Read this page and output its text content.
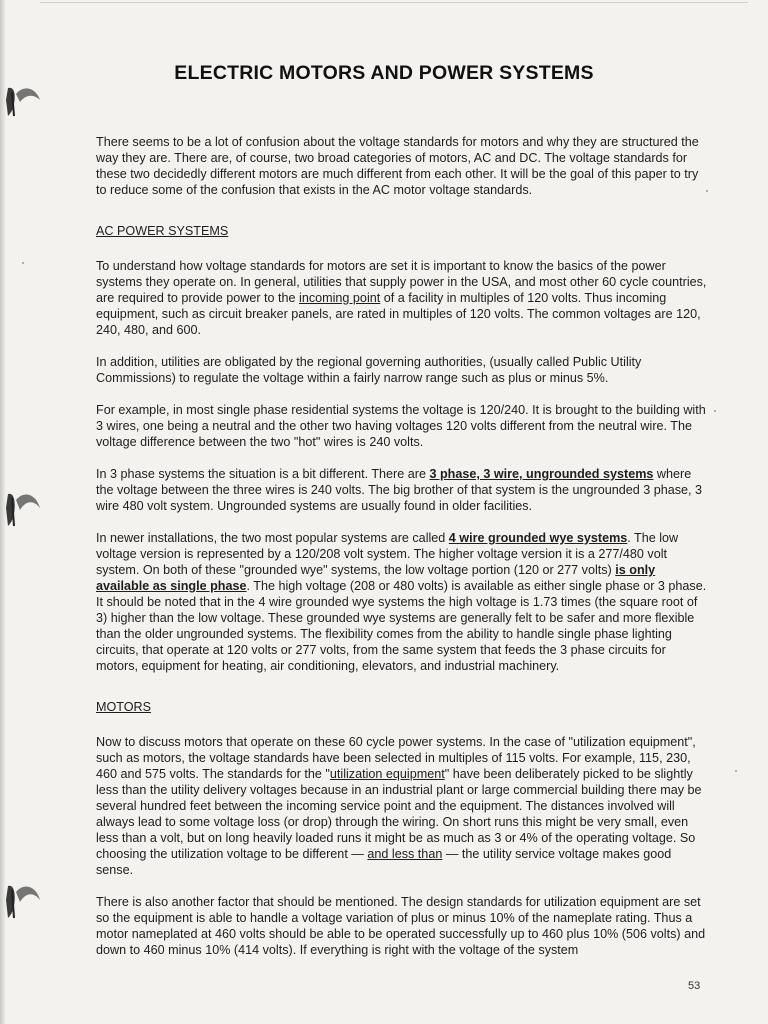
ELECTRIC MOTORS AND POWER SYSTEMS

There seems to be a lot of confusion about the voltage standards for motors and why they are structured the way they are. There are, of course, two broad categories of motors, AC and DC. The voltage standards for these two decidedly different motors are much different from each other. It will be the goal of this paper to try to reduce some of the confusion that exists in the AC motor voltage standards.

AC POWER SYSTEMS

To understand how voltage standards for motors are set it is important to know the basics of the power systems they operate on. In general, utilities that supply power in the USA, and most other 60 cycle countries, are required to provide power to the incoming point of a facility in multiples of 120 volts. Thus incoming equipment, such as circuit breaker panels, are rated in multiples of 120 volts. The common voltages are 120, 240, 480, and 600.

In addition, utilities are obligated by the regional governing authorities, (usually called Public Utility Commissions) to regulate the voltage within a fairly narrow range such as plus or minus 5%.

For example, in most single phase residential systems the voltage is 120/240. It is brought to the building with 3 wires, one being a neutral and the other two having voltages 120 volts different from the neutral wire. The voltage difference between the two "hot" wires is 240 volts.

In 3 phase systems the situation is a bit different. There are 3 phase, 3 wire, ungrounded systems where the voltage between the three wires is 240 volts. The big brother of that system is the ungrounded 3 phase, 3 wire 480 volt system. Ungrounded systems are usually found in older facilities.

In newer installations, the two most popular systems are called 4 wire grounded wye systems. The low voltage version is represented by a 120/208 volt system. The higher voltage version it is a 277/480 volt system. On both of these "grounded wye" systems, the low voltage portion (120 or 277 volts) is only available as single phase. The high voltage (208 or 480 volts) is available as either single phase or 3 phase. It should be noted that in the 4 wire grounded wye systems the high voltage is 1.73 times (the square root of 3) higher than the low voltage. These grounded wye systems are generally felt to be safer and more flexible than the older ungrounded systems. The flexibility comes from the ability to handle single phase lighting circuits, that operate at 120 volts or 277 volts, from the same system that feeds the 3 phase circuits for motors, equipment for heating, air conditioning, elevators, and industrial machinery.

MOTORS

Now to discuss motors that operate on these 60 cycle power systems. In the case of "utilization equipment", such as motors, the voltage standards have been selected in multiples of 115 volts. For example, 115, 230, 460 and 575 volts. The standards for the "utilization equipment" have been deliberately picked to be slightly less than the utility delivery voltages because in an industrial plant or large commercial building there may be several hundred feet between the incoming service point and the equipment. The distances involved will always lead to some voltage loss (or drop) through the wiring. On short runs this might be very small, even less than a volt, but on long heavily loaded runs it might be as much as 3 or 4% of the operating voltage. So choosing the utilization voltage to be different — and less than — the utility service voltage makes good sense.

There is also another factor that should be mentioned. The design standards for utilization equipment are set so the equipment is able to handle a voltage variation of plus or minus 10% of the nameplate rating. Thus a motor nameplated at 460 volts should be able to be operated successfully up to 460 plus 10% (506 volts) and down to 460 minus 10% (414 volts). If everything is right with the voltage of the system

53
